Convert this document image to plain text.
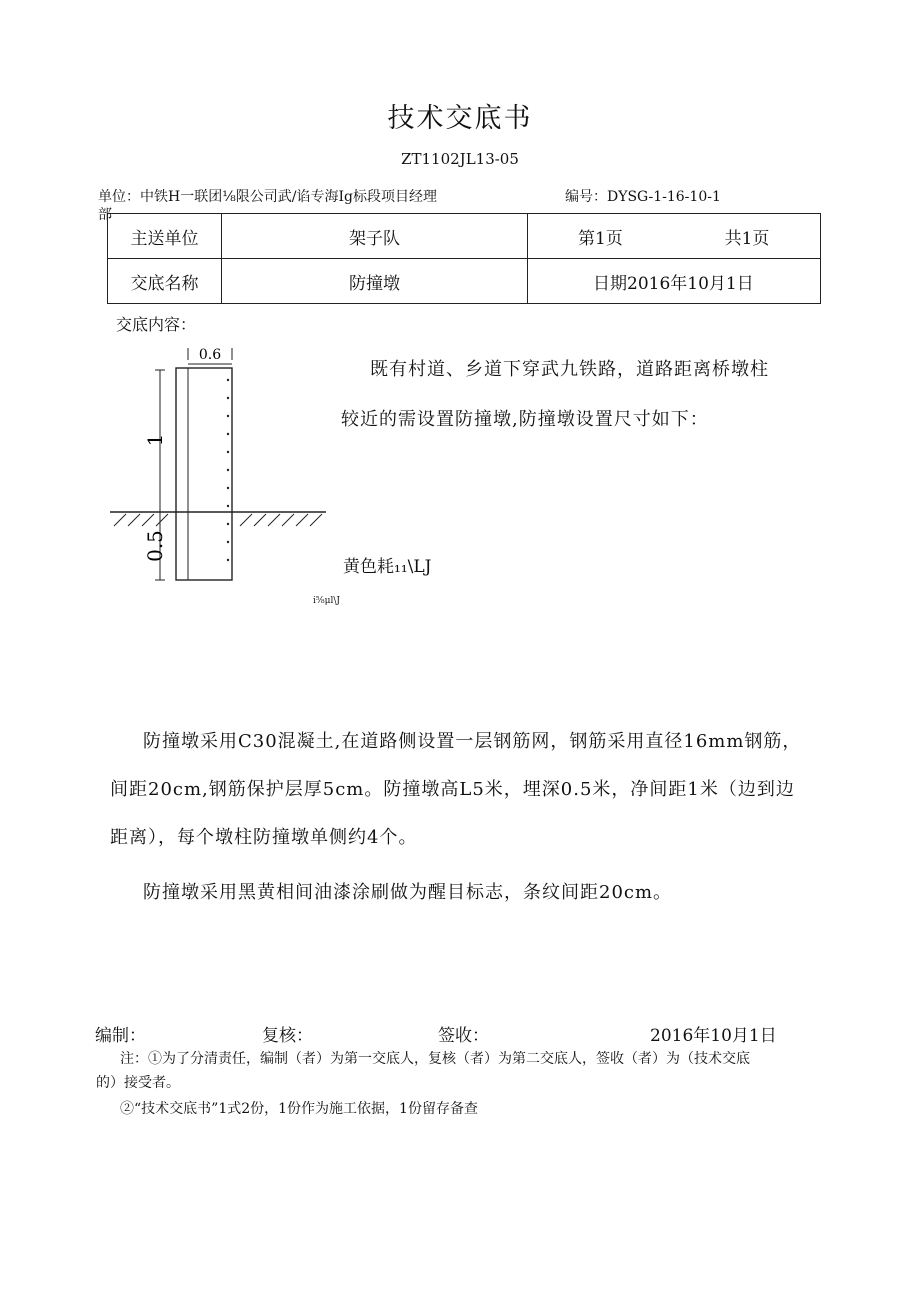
技术交底书
ZT1102JL13-05
单位：中铁H一联团⅛限公司武/谄专海Ig标段项目经理
部
编号：DYSG-1-16-10-1
主送单位	架子队	第1页	共1页
交底名称	防撞墩	日期2016年10月1日	
交底内容：
0.6
1
0.5
黄色耗₁₁\LJ
i⅝μl\J
既有村道、乡道下穿武九铁路，道路距离桥墩柱
较近的需设置防撞墩,防撞墩设置尺寸如下：
防撞墩采用C30混凝土,在道路侧设置一层钢筋网，钢筋采用直径16mm钢筋，
间距20cm,钢筋保护层厚5cm。防撞墩高L5米，埋深0.5米，净间距1米（边到边
距离），每个墩柱防撞墩单侧约4个。
防撞墩采用黑黄相间油漆涂刷做为醒目标志，条纹间距20cm。
编制：	复核：	签收：	2016年10月1日
注：①为了分清责任，编制（者）为第一交底人，复核（者）为第二交底人，签收（者）为（技术交底
的）接受者。
②“技术交底书”1式2份，1份作为施工依据，1份留存备查
